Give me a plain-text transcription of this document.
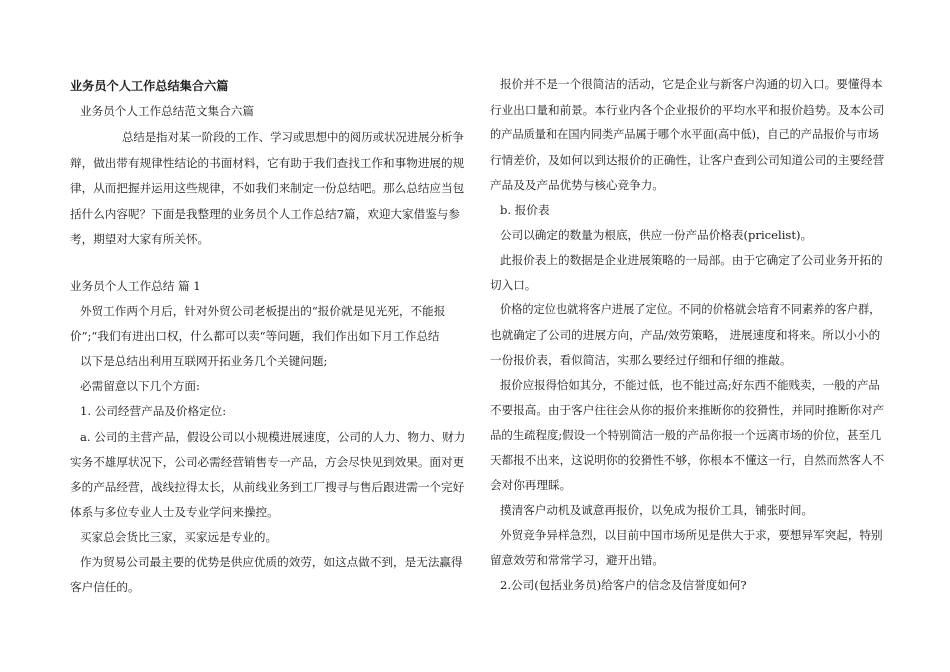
业务员个人工作总结集合六篇
业务员个人工作总结范文集合六篇
总结是指对某一阶段的工作、学习或思想中的阅历或状况进展分析争
辩，做出带有规律性结论的书面材料，它有助于我们查找工作和事物进展的规
律，从而把握并运用这些规律，不如我们来制定一份总结吧。那么总结应当包
括什么内容呢？下面是我整理的业务员个人工作总结7篇，欢迎大家借鉴与参
考，期望对大家有所关怀。
业务员个人工作总结 篇 1
外贸工作两个月后，针对外贸公司老板提出的“报价就是见光死，不能报
价”;“我们有进出口权，什么都可以卖“等问题，我们作出如下月工作总结
以下是总结出利用互联网开拓业务几个关键问题;
必需留意以下几个方面:
1. 公司经营产品及价格定位:
a. 公司的主营产品，假设公司以小规模进展速度，公司的人力、物力、财力
实务不雄厚状况下，公司必需经营销售专一产品，方会尽快见到效果。面对更
多的产品经营，战线拉得太长，从前线业务到工厂搜寻与售后跟进需一个完好
体系与多位专业人士及专业学问来操控。
买家总会货比三家，买家远是专业的。
作为贸易公司最主要的优势是供应优质的效劳，如这点做不到，是无法赢得
客户信任的。
报价并不是一个很简洁的活动，它是企业与新客户沟通的切入口。要懂得本
行业出口量和前景。本行业内各个企业报价的平均水平和报价趋势。及本公司
的产品质量和在国内同类产品属于哪个水平面(高中低)，自己的产品报价与市场
行情差价，及如何以到达报价的正确性，让客户查到公司知道公司的主要经营
产品及及产品优势与核心竞争力。
b. 报价表
公司以确定的数量为根底，供应一份产品价格表(pricelist)。
此报价表上的数据是企业进展策略的一局部。由于它确定了公司业务开拓的
切入口。
价格的定位也就将客户进展了定位。不同的价格就会培育不同素养的客户群，
也就确定了公司的进展方向，产品/效劳策略， 进展速度和将来。所以小小的
一份报价表，看似简洁，实那么要经过仔细和仔细的推敲。
报价应报得恰如其分，不能过低，也不能过高;好东西不能贱卖，一般的产品
不要报高。由于客户往往会从你的报价来推断你的狡猾性，并同时推断你对产
品的生疏程度;假设一个特别简洁一般的产品你报一个远离市场的价位，甚至几
天都报不出来，这说明你的狡猾性不够，你根本不懂这一行，自然而然客人不
会对你再理睬。
摸清客户动机及诚意再报价，以免成为报价工具，铺张时间。
外贸竞争异样急烈，以目前中国市场所见是供大于求，要想异军突起，特别
留意效劳和常常学习，避开出错。
2.公司(包括业务员)给客户的信念及信誉度如何?
